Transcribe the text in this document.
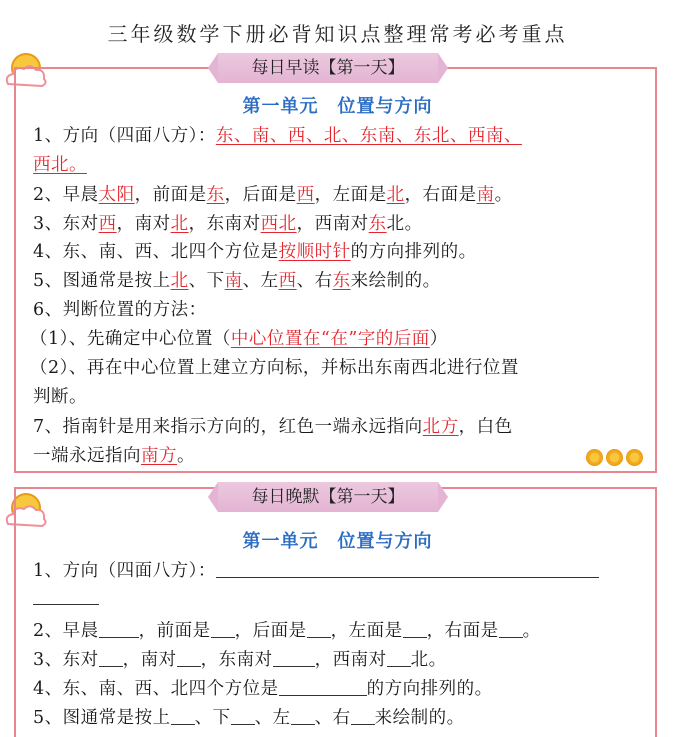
三年级数学下册必背知识点整理常考必考重点
每日早读【第一天】
第一单元　位置与方向
1、方向（四面八方）：东、南、西、北、东南、东北、西南、
西北。
2、早晨太阳，前面是东，后面是西，左面是北，右面是南。
3、东对西，南对北，东南对西北，西南对东北。
4、东、南、西、北四个方位是按顺时针的方向排列的。
5、图通常是按上北、下南、左西、右东来绘制的。
6、判断位置的方法：
（1）、先确定中心位置（中心位置在“在”字的后面）
（2）、再在中心位置上建立方向标，并标出东南西北进行位置
判断。
7、指南针是用来指示方向的，红色一端永远指向北方，白色
一端永远指向南方。
每日晚默【第一天】
第一单元　位置与方向
1、方向（四面八方）：
2、早晨 ，前面是 ，后面是 ，左面是 ，右面是 。
3、东对 ，南对 ，东南对 ，西南对 北。
4、东、南、西、北四个方位是	的方向排列的。
5、图通常是按上 、下 、左 、右 来绘制的。
